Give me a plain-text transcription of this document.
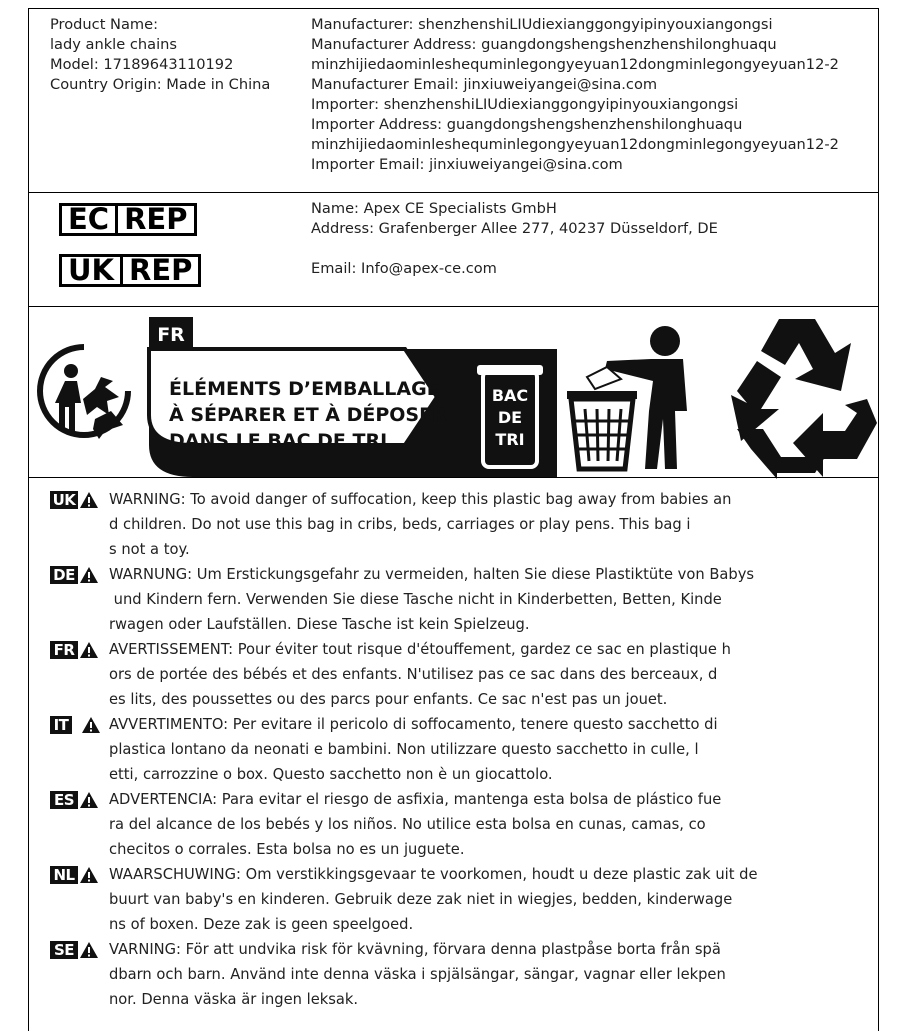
Product Name:
lady ankle chains
Model: 17189643110192
Country Origin: Made in China
Manufacturer: shenzhenshiLIUdiexianggongyipinyouxiangongsi
Manufacturer Address: guangdongshengshenzhenshilonghuaqu
minzhijiedaominleshequminlegongyeyuan12dongminlegongyeyuan12-2
Manufacturer Email: jinxiuweiyangei@sina.com
Importer: shenzhenshiLIUdiexianggongyipinyouxiangongsi
Importer Address: guangdongshengshenzhenshilonghuaqu
minzhijiedaominleshequminlegongyeyuan12dongminlegongyeyuan12-2
Importer Email: jinxiuweiyangei@sina.com
EC REP
UK REP
Name: Apex CE Specialists GmbH
Address: Grafenberger Allee 277, 40237 Düsseldorf, DE
Email: Info@apex-ce.com
FR
ÉLÉMENTS D’EMBALLAGE
À SÉPARER ET À DÉPOSER
DANS LE BAC DE TRI
BAC
DE
TRI
UK WARNING: To avoid danger of suffocation, keep this plastic bag away from babies an
d children. Do not use this bag in cribs, beds, carriages or play pens. This bag i
s not a toy.
DE WARNUNG: Um Erstickungsgefahr zu vermeiden, halten Sie diese Plastiktüte von Babys
und Kindern fern. Verwenden Sie diese Tasche nicht in Kinderbetten, Betten, Kinde
rwagen oder Laufställen. Diese Tasche ist kein Spielzeug.
FR AVERTISSEMENT: Pour éviter tout risque d'étouffement, gardez ce sac en plastique h
ors de portée des bébés et des enfants. N'utilisez pas ce sac dans des berceaux, d
es lits, des poussettes ou des parcs pour enfants. Ce sac n'est pas un jouet.
IT	AVVERTIMENTO: Per evitare il pericolo di soffocamento, tenere questo sacchetto di
plastica lontano da neonati e bambini. Non utilizzare questo sacchetto in culle, l
etti, carrozzine o box. Questo sacchetto non è un giocattolo.
ES ADVERTENCIA: Para evitar el riesgo de asfixia, mantenga esta bolsa de plástico fue
ra del alcance de los bebés y los niños. No utilice esta bolsa en cunas, camas, co
checitos o corrales. Esta bolsa no es un juguete.
NL WAARSCHUWING: Om verstikkingsgevaar te voorkomen, houdt u deze plastic zak uit de
buurt van baby's en kinderen. Gebruik deze zak niet in wiegjes, bedden, kinderwage
ns of boxen. Deze zak is geen speelgoed.
SE VARNING: För att undvika risk för kvävning, förvara denna plastpåse borta från spä
dbarn och barn. Använd inte denna väska i spjälsängar, sängar, vagnar eller lekpen
nor. Denna väska är ingen leksak.
